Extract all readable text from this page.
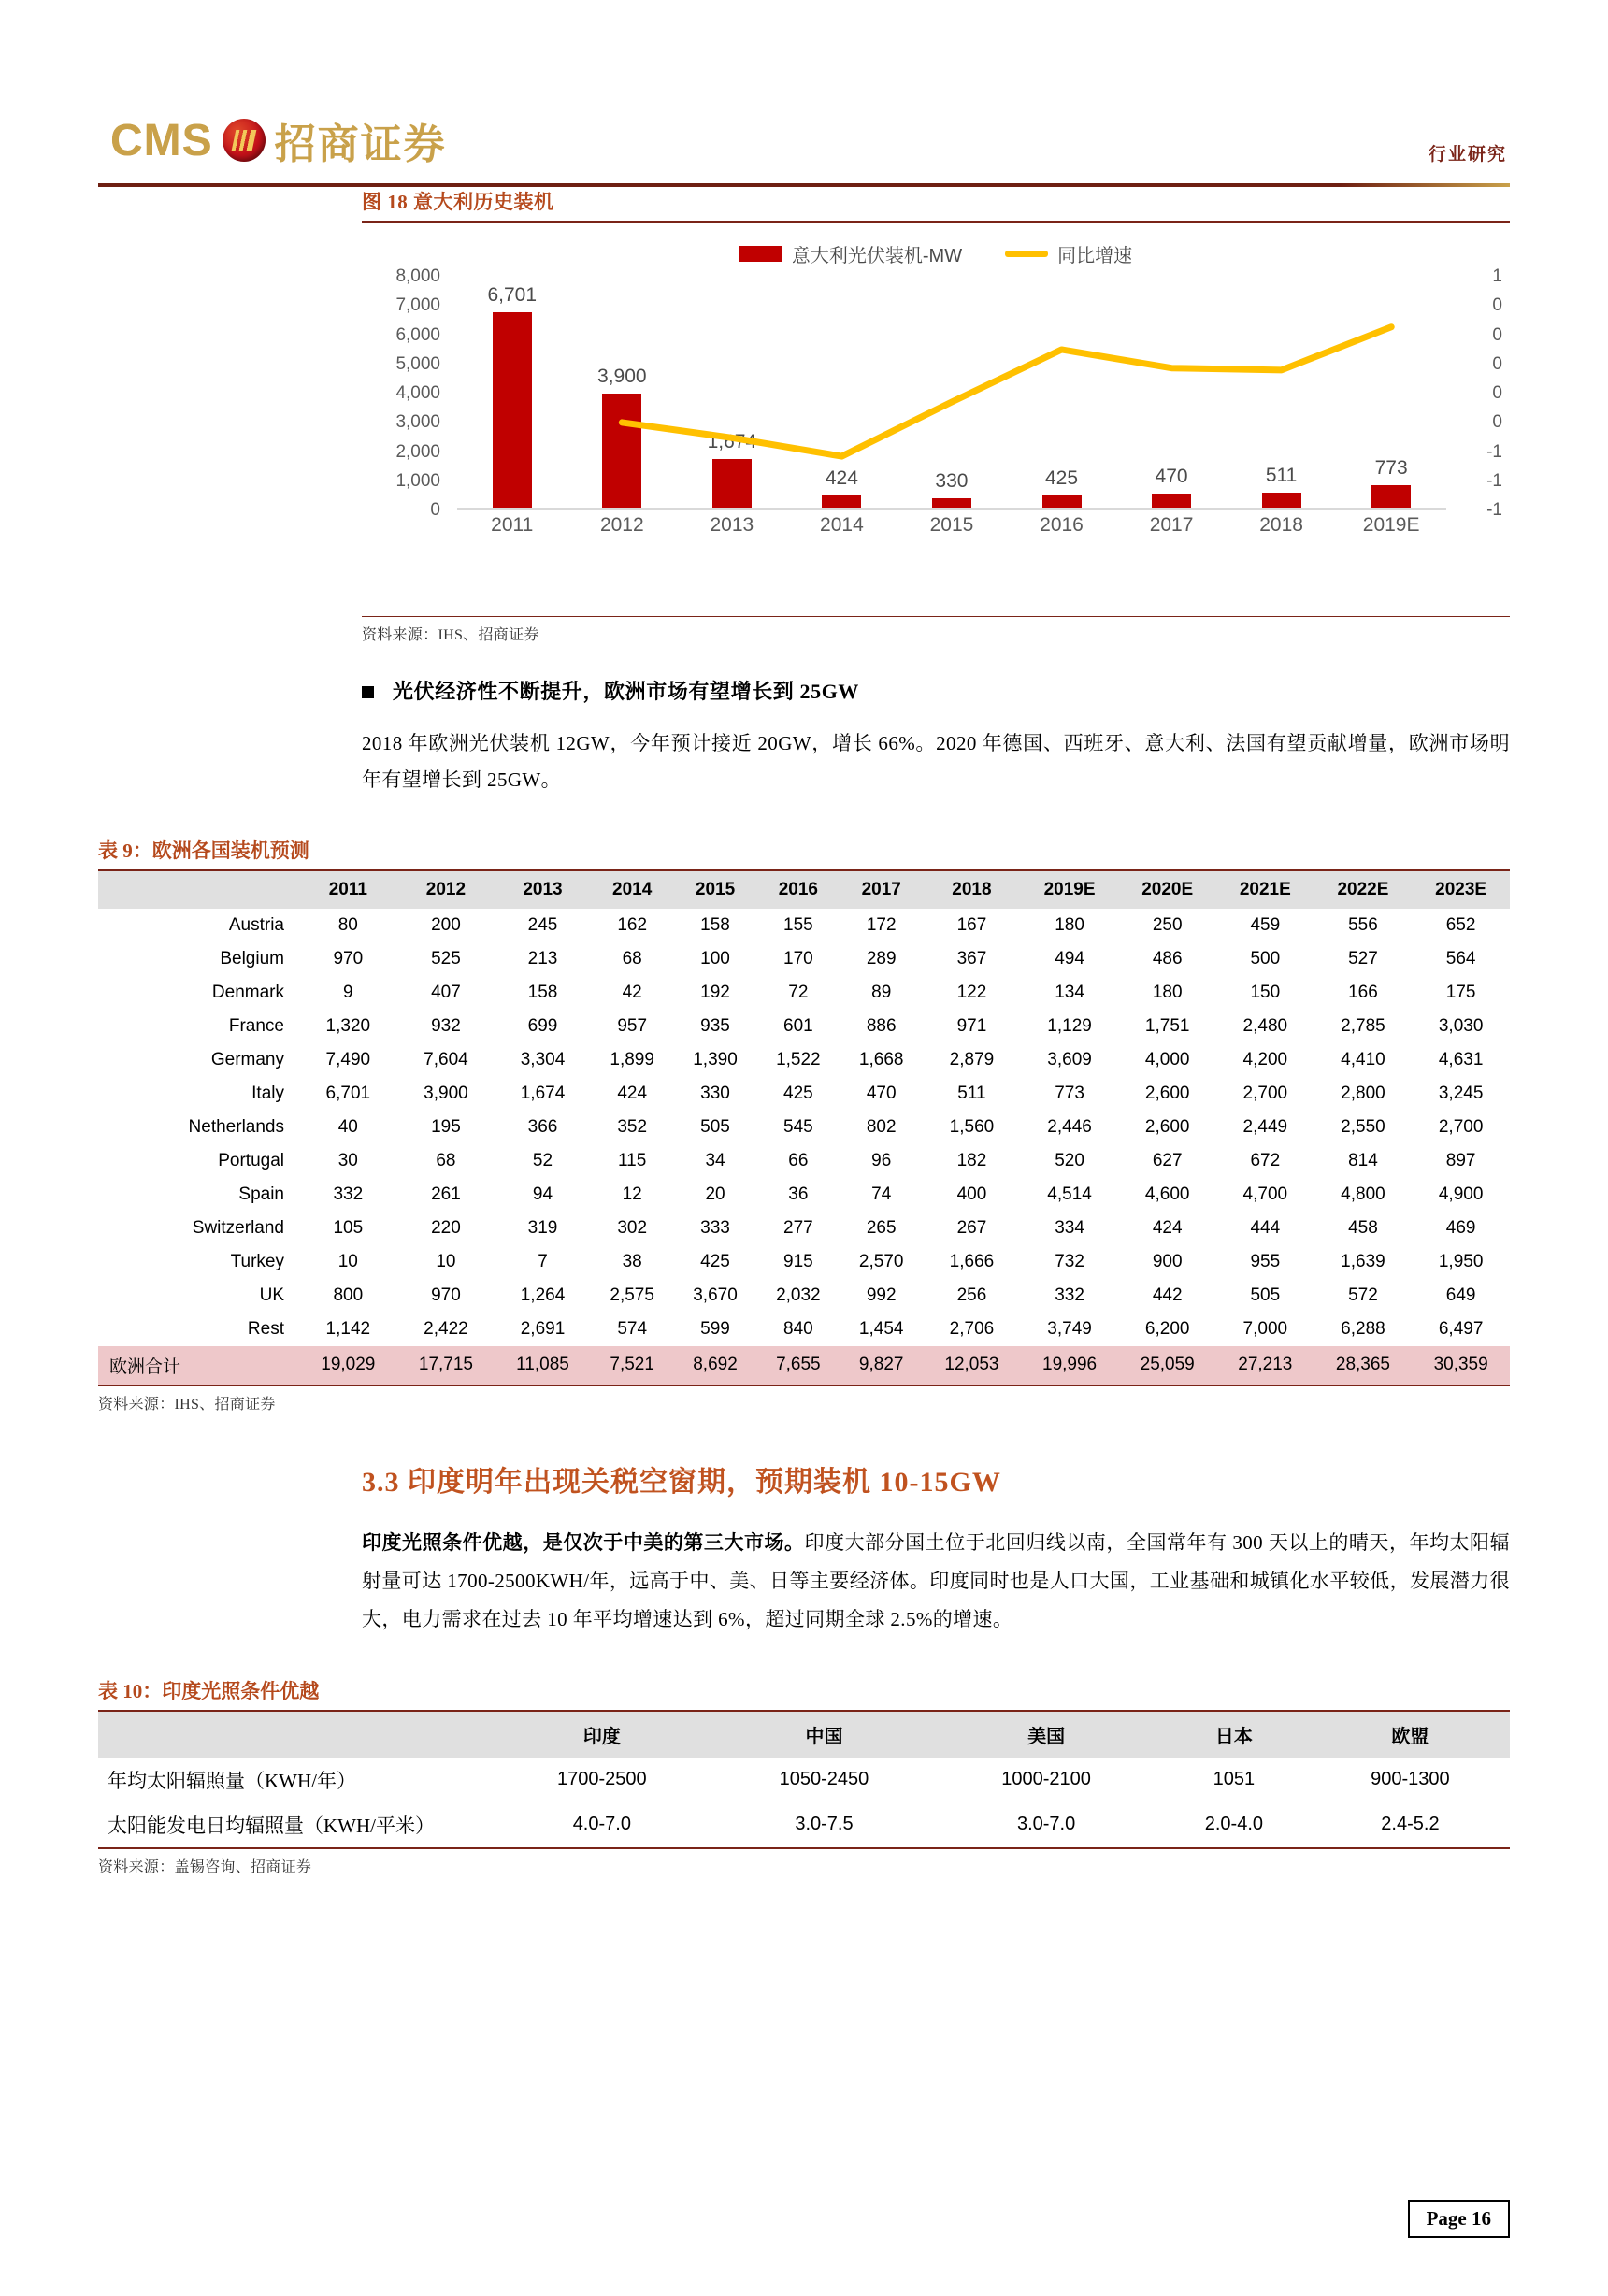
CMS 招商证券	行业研究
图 18 意大利历史装机
意大利光伏装机-MW	同比增速
8,000
7,000
6,000
5,000
4,000
3,000
2,000
1,000
0
1
0
0
0
0
0
-1
-1
-1
6,701
3,900
1,674
424	330	425	470	511	773
2011	2012	2013	2014	2015	2016	2017	2018	2019E
资料来源：IHS、招商证券
光伏经济性不断提升，欧洲市场有望增长到 25GW
2018 年欧洲光伏装机 12GW，今年预计接近 20GW，增长 66%。2020 年德国、西班牙、意大利、法国有望贡献增量，欧洲市场明年有望增长到 25GW。
表 9：欧洲各国装机预测
	2011	2012	2013	2014	2015	2016	2017	2018	2019E	2020E	2021E	2022E	2023E
Austria	80	200	245	162	158	155	172	167	180	250	459	556	652
Belgium	970	525	213	68	100	170	289	367	494	486	500	527	564
Denmark	9	407	158	42	192	72	89	122	134	180	150	166	175
France	1,320	932	699	957	935	601	886	971	1,129	1,751	2,480	2,785	3,030
Germany	7,490	7,604	3,304	1,899	1,390	1,522	1,668	2,879	3,609	4,000	4,200	4,410	4,631
Italy	6,701	3,900	1,674	424	330	425	470	511	773	2,600	2,700	2,800	3,245
Netherlands	40	195	366	352	505	545	802	1,560	2,446	2,600	2,449	2,550	2,700
Portugal	30	68	52	115	34	66	96	182	520	627	672	814	897
Spain	332	261	94	12	20	36	74	400	4,514	4,600	4,700	4,800	4,900
Switzerland	105	220	319	302	333	277	265	267	334	424	444	458	469
Turkey	10	10	7	38	425	915	2,570	1,666	732	900	955	1,639	1,950
UK	800	970	1,264	2,575	3,670	2,032	992	256	332	442	505	572	649
Rest	1,142	2,422	2,691	574	599	840	1,454	2,706	3,749	6,200	7,000	6,288	6,497
欧洲合计	19,029	17,715	11,085	7,521	8,692	7,655	9,827	12,053	19,996	25,059	27,213	28,365	30,359
资料来源：IHS、招商证券
3.3 印度明年出现关税空窗期，预期装机 10-15GW
印度光照条件优越，是仅次于中美的第三大市场。印度大部分国土位于北回归线以南，全国常年有 300 天以上的晴天，年均太阳辐射量可达 1700-2500KWH/年，远高于中、美、日等主要经济体。印度同时也是人口大国，工业基础和城镇化水平较低，发展潜力很大，电力需求在过去 10 年平均增速达到 6%，超过同期全球 2.5%的增速。
表 10：印度光照条件优越
	印度	中国	美国	日本	欧盟
年均太阳辐照量（KWH/年）	1700-2500	1050-2450	1000-2100	1051	900-1300
太阳能发电日均辐照量（KWH/平米）	4.0-7.0	3.0-7.5	3.0-7.0	2.0-4.0	2.4-5.2
资料来源：盖锡咨询、招商证券
Page 16
